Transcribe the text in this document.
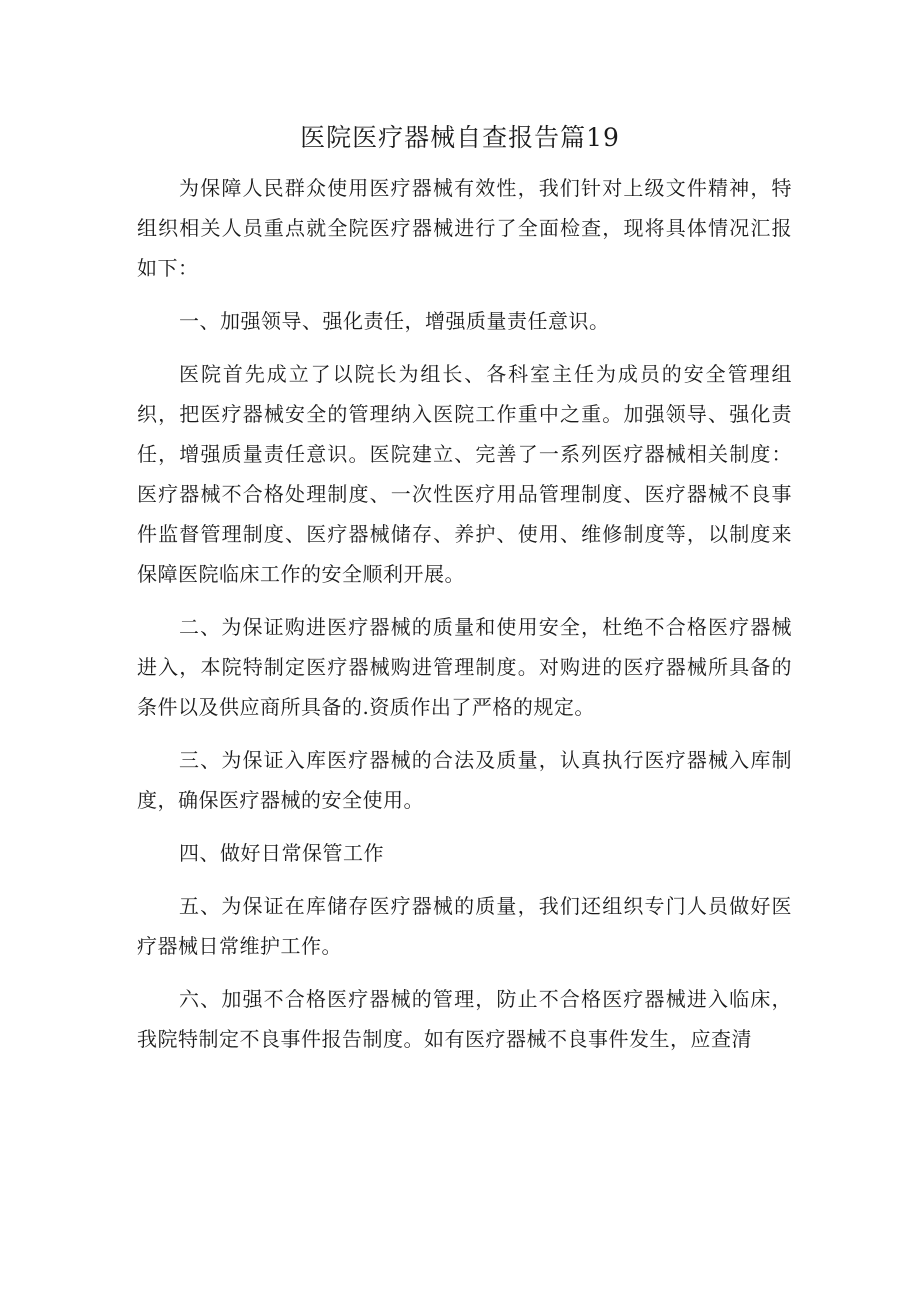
医院医疗器械自查报告篇19

为保障人民群众使用医疗器械有效性，我们针对上级文件精神，特组织相关人员重点就全院医疗器械进行了全面检查，现将具体情况汇报如下：

一、加强领导、强化责任，增强质量责任意识。

医院首先成立了以院长为组长、各科室主任为成员的安全管理组织，把医疗器械安全的管理纳入医院工作重中之重。加强领导、强化责任，增强质量责任意识。医院建立、完善了一系列医疗器械相关制度：医疗器械不合格处理制度、一次性医疗用品管理制度、医疗器械不良事件监督管理制度、医疗器械储存、养护、使用、维修制度等，以制度来保障医院临床工作的安全顺利开展。

二、为保证购进医疗器械的质量和使用安全，杜绝不合格医疗器械进入，本院特制定医疗器械购进管理制度。对购进的医疗器械所具备的条件以及供应商所具备的.资质作出了严格的规定。

三、为保证入库医疗器械的合法及质量，认真执行医疗器械入库制度，确保医疗器械的安全使用。

四、做好日常保管工作

五、为保证在库储存医疗器械的质量，我们还组织专门人员做好医疗器械日常维护工作。

六、加强不合格医疗器械的管理，防止不合格医疗器械进入临床，我院特制定不良事件报告制度。如有医疗器械不良事件发生，应查清
